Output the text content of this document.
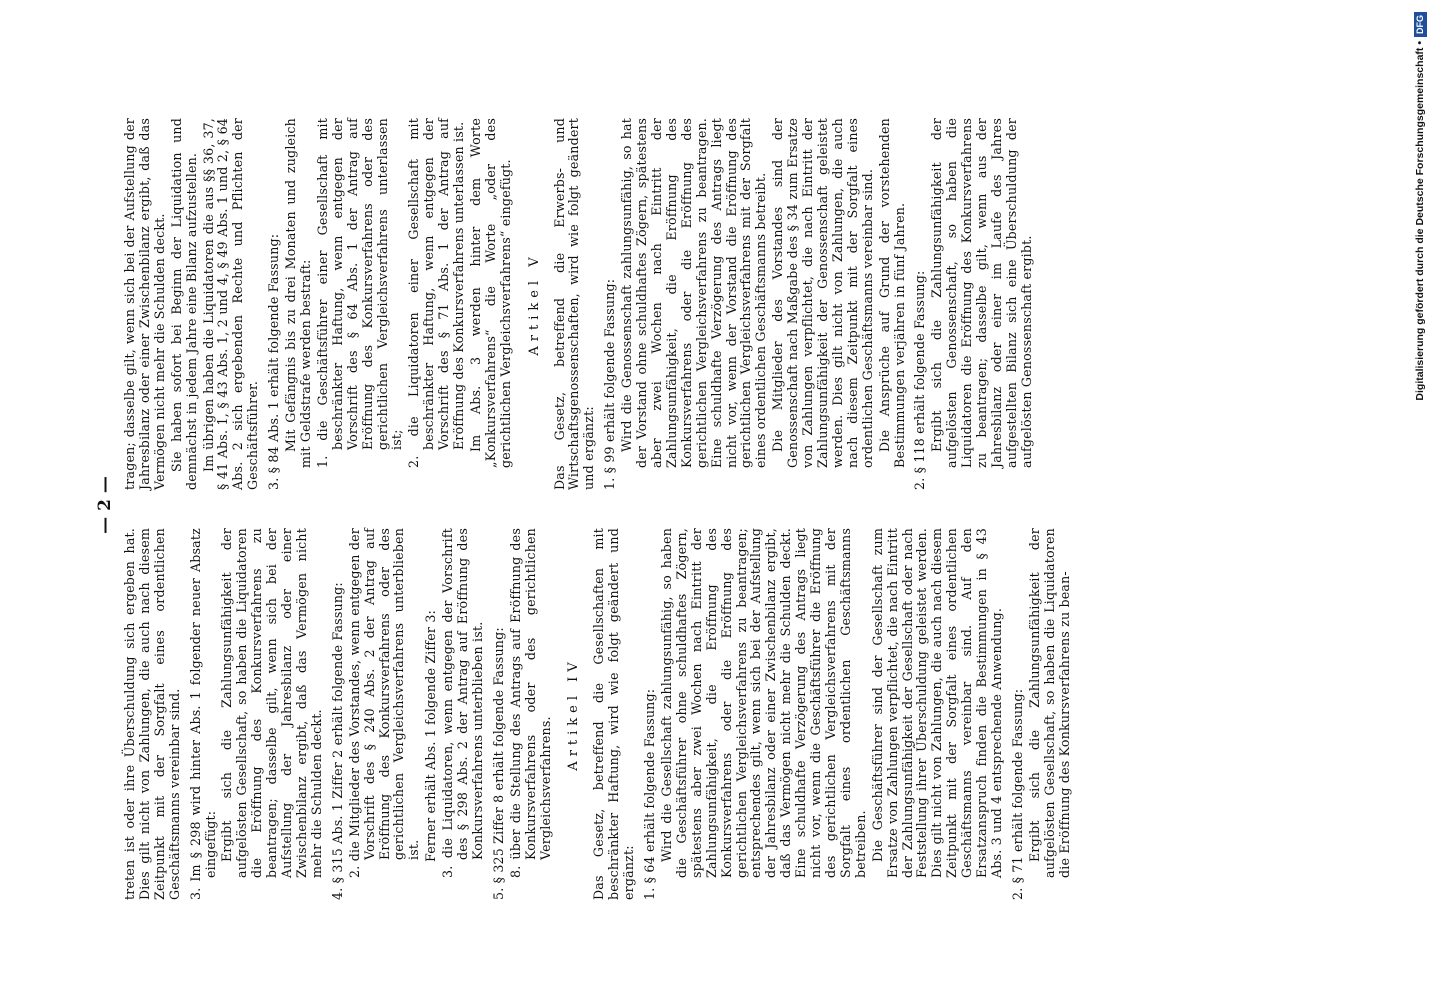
— 2 —

treten ist oder ihre Überschuldung sich ergeben hat. Dies gilt nicht von Zahlungen, die auch nach diesem Zeitpunkt mit der Sorgfalt eines ordentlichen Geschäftsmanns vereinbar sind. 3. Im § 298 wird hinter Abs. 1 folgender neuer Absatz eingefügt: Ergibt sich die Zahlungsunfähigkeit der aufgelösten Gesellschaft, so haben die Liquidatoren die Eröffnung des Konkursverfahrens zu beantragen; dasselbe gilt, wenn sich bei der Aufstellung der Jahresbilanz oder einer Zwischenbilanz ergibt, daß das Vermögen nicht mehr die Schulden deckt. 4. § 315 Abs. 1 Ziffer 2 erhält folgende Fassung: 2. die Mitglieder des Vorstandes, wenn entgegen der Vorschrift des § 240 Abs. 2 der Antrag auf Eröffnung des Konkursverfahrens oder des gerichtlichen Vergleichsverfahrens unterblieben ist. Ferner erhält Abs. 1 folgende Ziffer 3: 3. die Liquidatoren, wenn entgegen der Vorschrift des § 298 Abs. 2 der Antrag auf Eröffnung des Konkursverfahrens unterblieben ist. 5. § 325 Ziffer 8 erhält folgende Fassung: 8. über die Stellung des Antrags auf Eröffnung des Konkursverfahrens oder des gerichtlichen Vergleichsverfahrens.

Artikel IV Das Gesetz, betreffend die Gesellschaften mit beschränkter Haftung, wird wie folgt geändert und ergänzt: 1. § 64 erhält folgende Fassung: Wird die Gesellschaft zahlungsunfähig, so haben die Geschäftsführer ohne schuldhaftes Zögern, spätestens aber zwei Wochen nach Eintritt der Zahlungsunfähigkeit, die Eröffnung des Konkursverfahrens oder die Eröffnung des gerichtlichen Vergleichsverfahrens zu beantragen; entsprechendes gilt, wenn sich bei der Aufstellung der Jahresbilanz oder einer Zwischenbilanz ergibt, daß das Vermögen nicht mehr die Schulden deckt. Eine schuldhafte Verzögerung des Antrags liegt nicht vor, wenn die Geschäftsführer die Eröffnung des gerichtlichen Vergleichsverfahrens mit der Sorgfalt eines ordentlichen Geschäftsmanns betreiben. Die Geschäftsführer sind der Gesellschaft zum Ersatze von Zahlungen verpflichtet, die nach Eintritt der Zahlungsunfähigkeit der Gesellschaft oder nach Feststellung ihrer Überschuldung geleistet werden. Dies gilt nicht von Zahlungen, die auch nach diesem Zeitpunkt mit der Sorgfalt eines ordentlichen Geschäftsmanns vereinbar sind. Auf den Ersatzanspruch finden die Bestimmungen in § 43 Abs. 3 und 4 entsprechende Anwendung. 2. § 71 erhält folgende Fassung: Ergibt sich die Zahlungsunfähigkeit der aufgelösten Gesellschaft, so haben die Liquidatoren die Eröffnung des Konkursverfahrens zu bean-

tragen; dasselbe gilt, wenn sich bei der Aufstellung der Jahresbilanz oder einer Zwischenbilanz ergibt, daß das Vermögen nicht mehr die Schulden deckt. Sie haben sofort bei Beginn der Liquidation und demnächst in jedem Jahre eine Bilanz aufzustellen. Im übrigen haben die Liquidatoren die aus §§ 36, 37, § 41 Abs. 1, § 43 Abs. 1, 2 und 4, § 49 Abs. 1 und 2, § 64 Abs. 2 sich ergebenden Rechte und Pflichten der Geschäftsführer. 3. § 84 Abs. 1 erhält folgende Fassung: Mit Gefängnis bis zu drei Monaten und zugleich mit Geldstrafe werden bestraft: 1. die Geschäftsführer einer Gesellschaft mit beschränkter Haftung, wenn entgegen der Vorschrift des § 64 Abs. 1 der Antrag auf Eröffnung des Konkursverfahrens oder des gerichtlichen Vergleichsverfahrens unterlassen ist; 2. die Liquidatoren einer Gesellschaft mit beschränkter Haftung, wenn entgegen der Vorschrift des § 71 Abs. 1 der Antrag auf Eröffnung des Konkursverfahrens unterlassen ist. Im Abs. 3 werden hinter dem Worte „Konkursverfahrens“ die Worte „oder des gerichtlichen Vergleichsverfahrens“ eingefügt. Artikel V Das Gesetz, betreffend die Erwerbs- und Wirtschaftsgenossenschaften, wird wie folgt geändert und ergänzt: 1. § 99 erhält folgende Fassung: Wird die Genossenschaft zahlungsunfähig, so hat der Vorstand ohne schuldhaftes Zögern, spätestens aber zwei Wochen nach Eintritt der Zahlungsunfähigkeit, die Eröffnung des Konkursverfahrens oder die Eröffnung des gerichtlichen Vergleichsverfahrens zu beantragen. Eine schuldhafte Verzögerung des Antrags liegt nicht vor, wenn der Vorstand die Eröffnung des gerichtlichen Vergleichsverfahrens mit der Sorgfalt eines ordentlichen Geschäftsmanns betreibt. Die Mitglieder des Vorstandes sind der Genossenschaft nach Maßgabe des § 34 zum Ersatze von Zahlungen verpflichtet, die nach Eintritt der Zahlungsunfähigkeit der Genossenschaft geleistet werden. Dies gilt nicht von Zahlungen, die auch nach diesem Zeitpunkt mit der Sorgfalt eines ordentlichen Geschäftsmanns vereinbar sind. Die Ansprüche auf Grund der vorstehenden Bestimmungen verjähren in fünf Jahren. 2. § 118 erhält folgende Fassung: Ergibt sich die Zahlungsunfähigkeit der aufgelösten Genossenschaft, so haben die Liquidatoren die Eröffnung des Konkursverfahrens zu beantragen; dasselbe gilt, wenn aus der Jahresbilanz oder einer im Laufe des Jahres aufgestellten Bilanz sich eine Überschuldung der aufgelösten Genossenschaft ergibt.	Digitalisierung gefördert durch die Deutsche Forschungsgemeinschaft •
DFG
